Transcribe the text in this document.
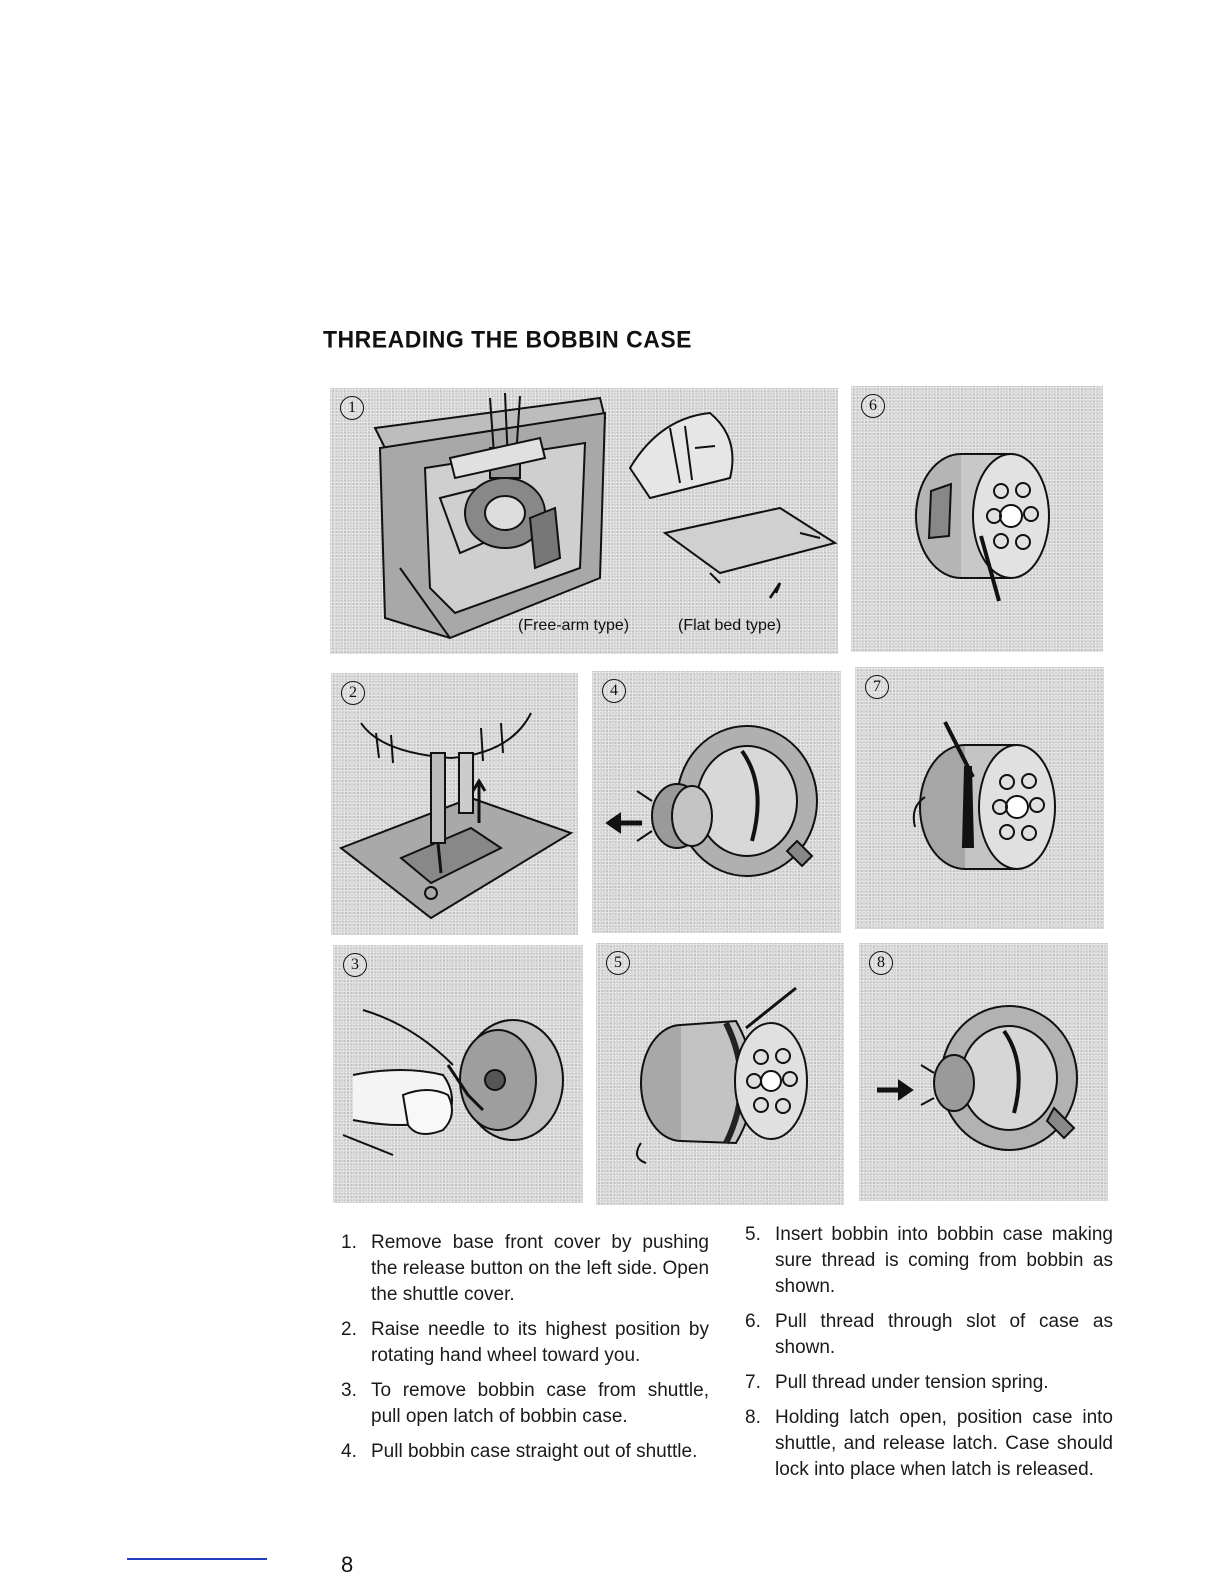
THREADING THE BOBBIN CASE
1
(Free-arm type)	(Flat bed type)
6
2	4	7
3	5	8
1. Remove base front cover by pushing the release button on the left side. Open the shuttle cover.
2. Raise needle to its highest position by rotating hand wheel toward you.
3. To remove bobbin case from shuttle, pull open latch of bobbin case.
4. Pull bobbin case straight out of shuttle.
5. Insert bobbin into bobbin case making sure thread is coming from bobbin as shown.
6. Pull thread through slot of case as shown.
7. Pull thread under tension spring.
8. Holding latch open, position case into shuttle, and release latch. Case should lock into place when latch is released.
8
